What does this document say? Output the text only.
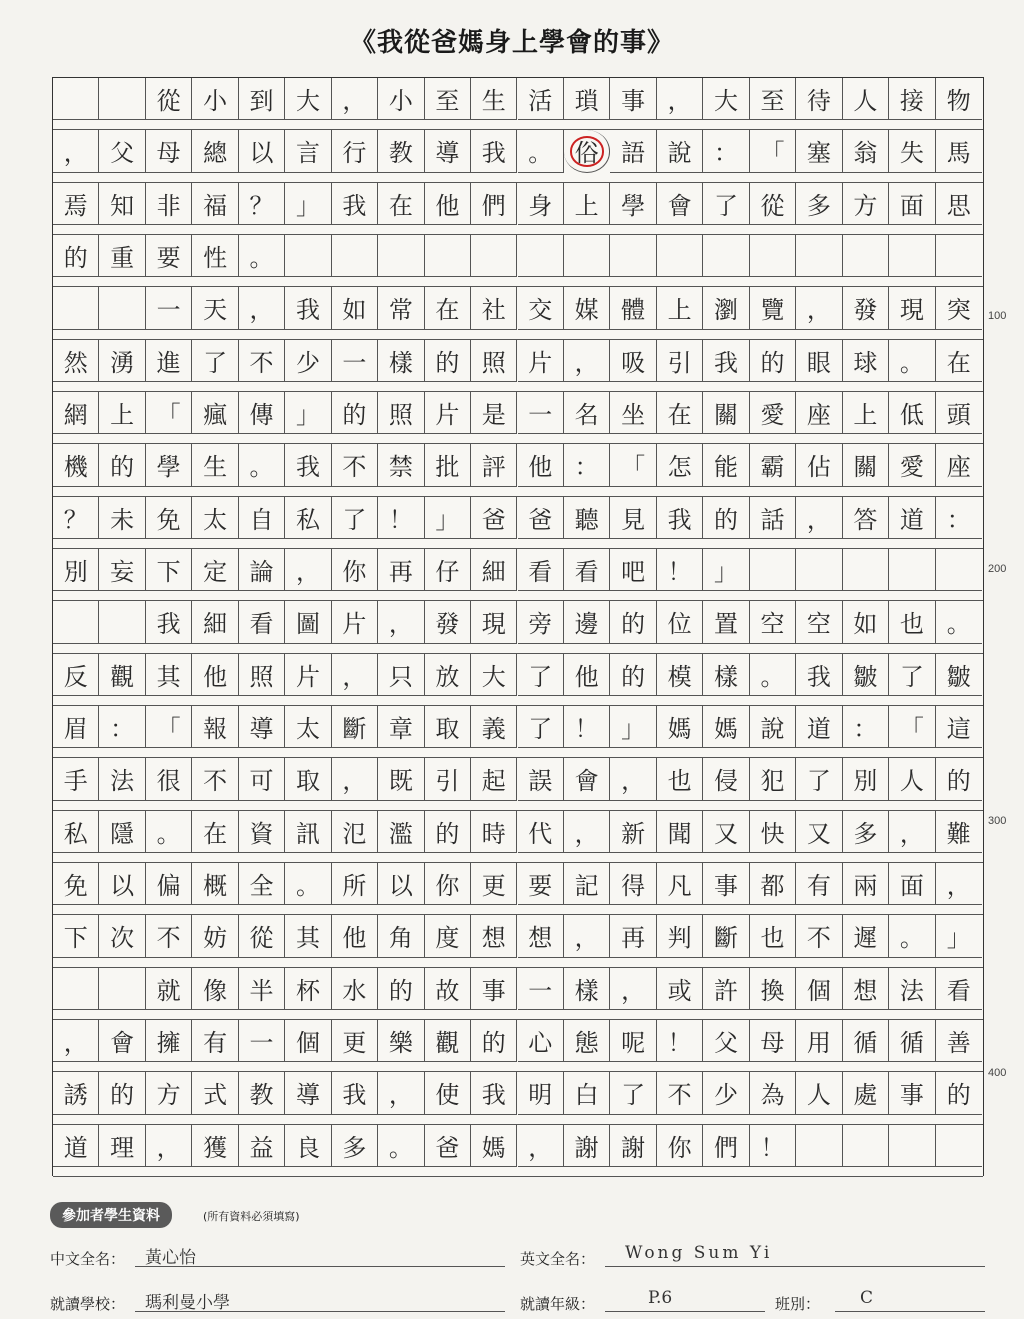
《我從爸媽身上學會的事》
從 小 到 大 ， 小 至 生 活 瑣 事 ， 大 至 待 人 接 物
， 父 母 總 以 言 行 教 導 我 。 俗 語 說 ： 「 塞 翁 失 馬
焉 知 非 福 ？ 」 我 在 他 們 身 上 學 會 了 從 多 方 面 思
的 重 要 性 。
一 天 ， 我 如 常 在 社 交 媒 體 上 瀏 覽 ， 發 現 突
然 湧 進 了 不 少 一 樣 的 照 片 ， 吸 引 我 的 眼 球 。 在
網 上 「 瘋 傳 」 的 照 片 是 一 名 坐 在 關 愛 座 上 低 頭
機 的 學 生 。 我 不 禁 批 評 他 ： 「 怎 能 霸 佔 關 愛 座
？ 未 免 太 自 私 了 ！ 」 爸 爸 聽 見 我 的 話 ， 答 道 ：
別 妄 下 定 論 ， 你 再 仔 細 看 看 吧 ！ 」
我 細 看 圖 片 ， 發 現 旁 邊 的 位 置 空 空 如 也 。
反 觀 其 他 照 片 ， 只 放 大 了 他 的 模 樣 。 我 皺 了 皺
眉 ： 「 報 導 太 斷 章 取 義 了 ！ 」 媽 媽 說 道 ： 「 這
手 法 很 不 可 取 ， 既 引 起 誤 會 ， 也 侵 犯 了 別 人 的
私 隱 。 在 資 訊 氾 濫 的 時 代 ， 新 聞 又 快 又 多 ， 難
免 以 偏 概 全 。 所 以 你 更 要 記 得 凡 事 都 有 兩 面 ，
下 次 不 妨 從 其 他 角 度 想 想 ， 再 判 斷 也 不 遲 。 」
就 像 半 杯 水 的 故 事 一 樣 ， 或 許 換 個 想 法 看
， 會 擁 有 一 個 更 樂 觀 的 心 態 呢 ！ 父 母 用 循 循 善
誘 的 方 式 教 導 我 ， 使 我 明 白 了 不 少 為 人 處 事 的
道 理 ， 獲 益 良 多 。 爸 媽 ， 謝 謝 你 們 ！
100
200
300
400
參加者學生資料	(所有資料必須填寫)
中文全名： 黃心怡	英文全名： Wong Sum Yi
就讀學校： 瑪利曼小學	就讀年級：	P.6	班別： C
